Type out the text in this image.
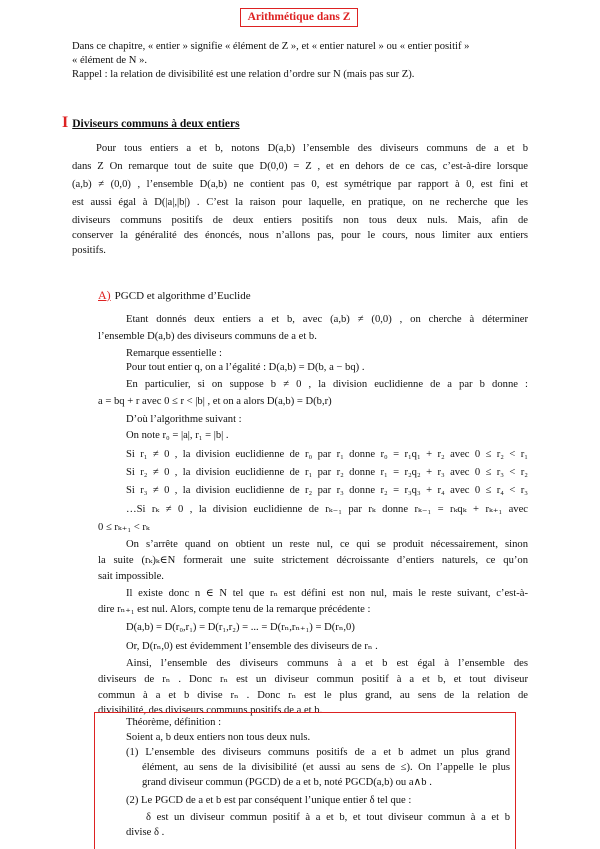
Arithmétique dans Z
Dans ce chapitre, « entier » signifie « élément de Z », et « entier naturel » ou « entier positif »
« élément de N ».
Rappel : la relation de divisibilité est une relation d’ordre sur N (mais pas sur Z).
I Diviseurs communs à deux entiers
Pour tous entiers a et b, notons D(a,b) l’ensemble des diviseurs communs de a et b
dans Z On remarque tout de suite que D(0,0) = Z , et en dehors de ce cas, c’est-à-dire lorsque
(a,b) ≠ (0,0) , l’ensemble D(a,b) ne contient pas 0, est symétrique par rapport à 0, est fini et
est aussi égal à D(|a|,|b|) . C’est la raison pour laquelle, en pratique, on ne recherche que les
diviseurs communs positifs de deux entiers positifs non tous deux nuls. Mais, afin de
conserver la généralité des énoncés, nous n’allons pas, pour le cours, nous limiter aux entiers
positifs.
A) PGCD et algorithme d’Euclide
Etant donnés deux entiers a et b, avec (a,b) ≠ (0,0) , on cherche à déterminer
l’ensemble D(a,b) des diviseurs communs de a et b.
Remarque essentielle :
Pour tout entier q, on a l’égalité : D(a,b) = D(b, a − bq) .
En particulier, si on suppose b ≠ 0 , la division euclidienne de a par b donne :
a = bq + r avec 0 ≤ r < |b| , et on a alors D(a,b) = D(b,r)
D’où l’algorithme suivant :
On note r₀ = |a|, r₁ = |b| .
Si r₁ ≠ 0 , la division euclidienne de r₀ par r₁ donne r₀ = r₁q₁ + r₂ avec 0 ≤ r₂ < r₁
Si r₂ ≠ 0 , la division euclidienne de r₁ par r₂ donne r₁ = r₂q₂ + r₃ avec 0 ≤ r₃ < r₂
Si r₃ ≠ 0 , la division euclidienne de r₂ par r₃ donne r₂ = r₃q₃ + r₄ avec 0 ≤ r₄ < r₃
…Si rₖ ≠ 0 , la division euclidienne de rₖ₋₁ par rₖ donne rₖ₋₁ = rₖqₖ + rₖ₊₁ avec
0 ≤ rₖ₊₁ < rₖ
On s’arrête quand on obtient un reste nul, ce qui se produit nécessairement, sinon
la suite (rₖ)ₖ∈N formerait une suite strictement décroissante d’entiers naturels, ce qu’on
sait impossible.
Il existe donc n ∈ N tel que rₙ est défini est non nul, mais le reste suivant, c’est-à-
dire rₙ₊₁ est nul. Alors, compte tenu de la remarque précédente :
D(a,b) = D(r₀,r₁) = D(r₁,r₂) = ... = D(rₙ,rₙ₊₁) = D(rₙ,0)
Or, D(rₙ,0) est évidemment l’ensemble des diviseurs de rₙ .
Ainsi, l’ensemble des diviseurs communs à a et b est égal à l’ensemble des
diviseurs de rₙ . Donc rₙ est un diviseur commun positif à a et b, et tout diviseur
commun à a et b divise rₙ . Donc rₙ est le plus grand, au sens de la relation de
divisibilité, des diviseurs communs positifs de a et b.
Théorème, définition :
Soient a, b deux entiers non tous deux nuls.
(1) L’ensemble des diviseurs communs positifs de a et b admet un plus grand
élément, au sens de la divisibilité (et aussi au sens de ≤). On l’appelle le plus
grand diviseur commun (PGCD) de a et b, noté PGCD(a,b) ou a∧b .
(2) Le PGCD de a et b est par conséquent l’unique entier δ tel que :
δ est un diviseur commun positif à a et b, et tout diviseur commun à a et b
divise δ .
